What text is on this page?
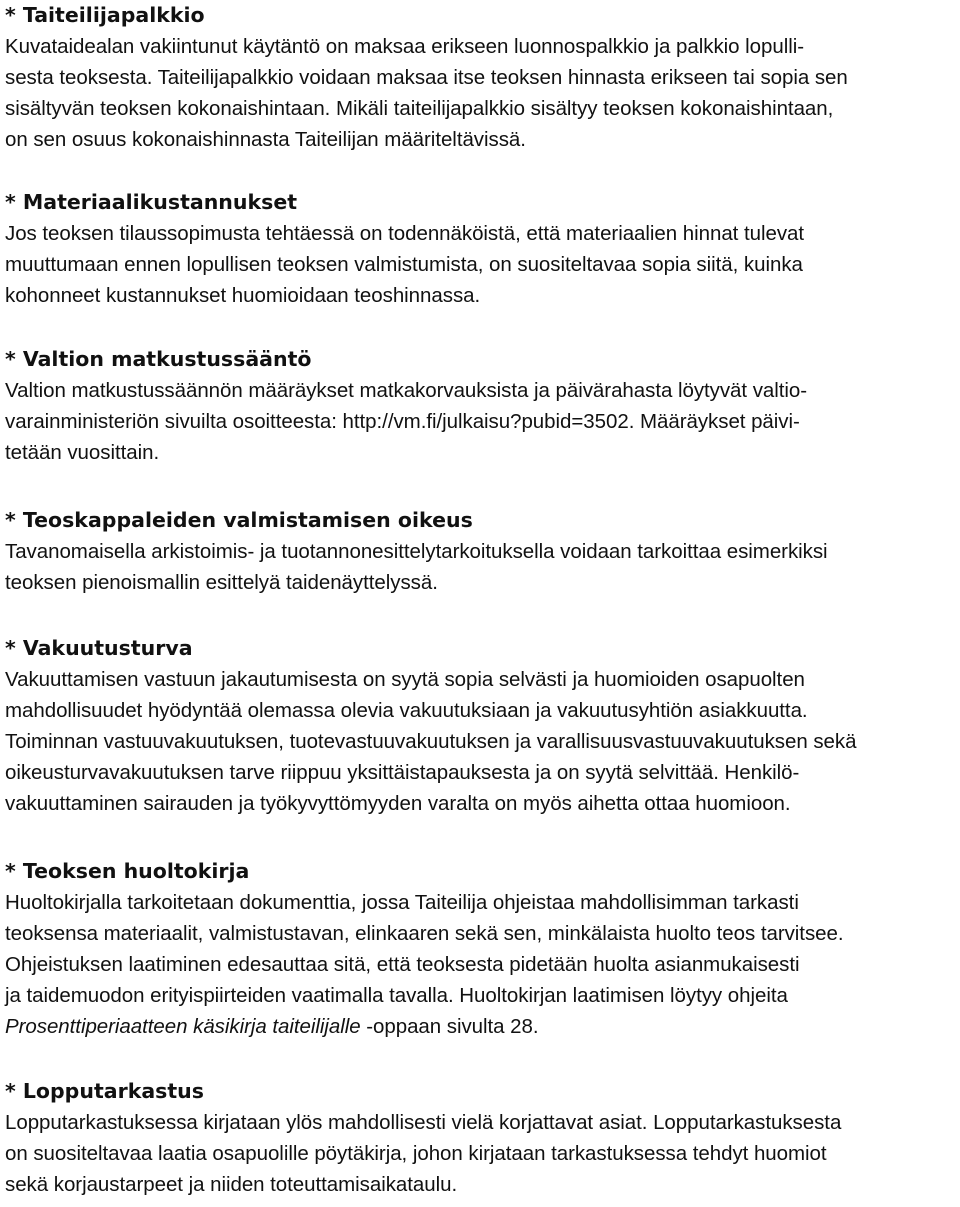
* Taiteilijapalkkio
Kuvataidealan vakiintunut käytäntö on maksaa erikseen luonnospalkkio ja palkkio lopulli-
sesta teoksesta. Taiteilijapalkkio voidaan maksaa itse teoksen hinnasta erikseen tai sopia sen
sisältyvän teoksen kokonaishintaan. Mikäli taiteilijapalkkio sisältyy teoksen kokonaishintaan,
on sen osuus kokonaishinnasta Taiteilijan määriteltävissä.
* Materiaalikustannukset
Jos teoksen tilaussopimusta tehtäessä on todennäköistä, että materiaalien hinnat tulevat
muuttumaan ennen lopullisen teoksen valmistumista, on suositeltavaa sopia siitä, kuinka
kohonneet kustannukset huomioidaan teoshinnassa.
* Valtion matkustussääntö
Valtion matkustussäännön määräykset matkakorvauksista ja päivärahasta löytyvät valtio-
varainministeriön sivuilta osoitteesta: http://vm.fi/julkaisu?pubid=3502. Määräykset päivi-
tetään vuosittain.
* Teoskappaleiden valmistamisen oikeus
Tavanomaisella arkistoimis- ja tuotannonesittelytarkoituksella voidaan tarkoittaa esimerkiksi
teoksen pienoismallin esittelyä taidenäyttelyssä.
* Vakuutusturva
Vakuuttamisen vastuun jakautumisesta on syytä sopia selvästi ja huomioiden osapuolten
mahdollisuudet hyödyntää olemassa olevia vakuutuksiaan ja vakuutusyhtiön asiakkuutta.
Toiminnan vastuuvakuutuksen, tuotevastuuvakuutuksen ja varallisuusvastuuvakuutuksen sekä
oikeusturvavakuutuksen tarve riippuu yksittäistapauksesta ja on syytä selvittää. Henkilö-
vakuuttaminen sairauden ja työkyvyttömyyden varalta on myös aihetta ottaa huomioon.
* Teoksen huoltokirja
Huoltokirjalla tarkoitetaan dokumenttia, jossa Taiteilija ohjeistaa mahdollisimman tarkasti
teoksensa materiaalit, valmistustavan, elinkaaren sekä sen, minkälaista huolto teos tarvitsee.
Ohjeistuksen laatiminen edesauttaa sitä, että teoksesta pidetään huolta asianmukaisesti
ja taidemuodon erityispiirteiden vaatimalla tavalla. Huoltokirjan laatimisen löytyy ohjeita
Prosenttiperiaatteen käsikirja taiteilijalle -oppaan sivulta 28.
* Lopputarkastus
Lopputarkastuksessa kirjataan ylös mahdollisesti vielä korjattavat asiat. Lopputarkastuksesta
on suositeltavaa laatia osapuolille pöytäkirja, johon kirjataan tarkastuksessa tehdyt huomiot
sekä korjaustarpeet ja niiden toteuttamisaikataulu.
